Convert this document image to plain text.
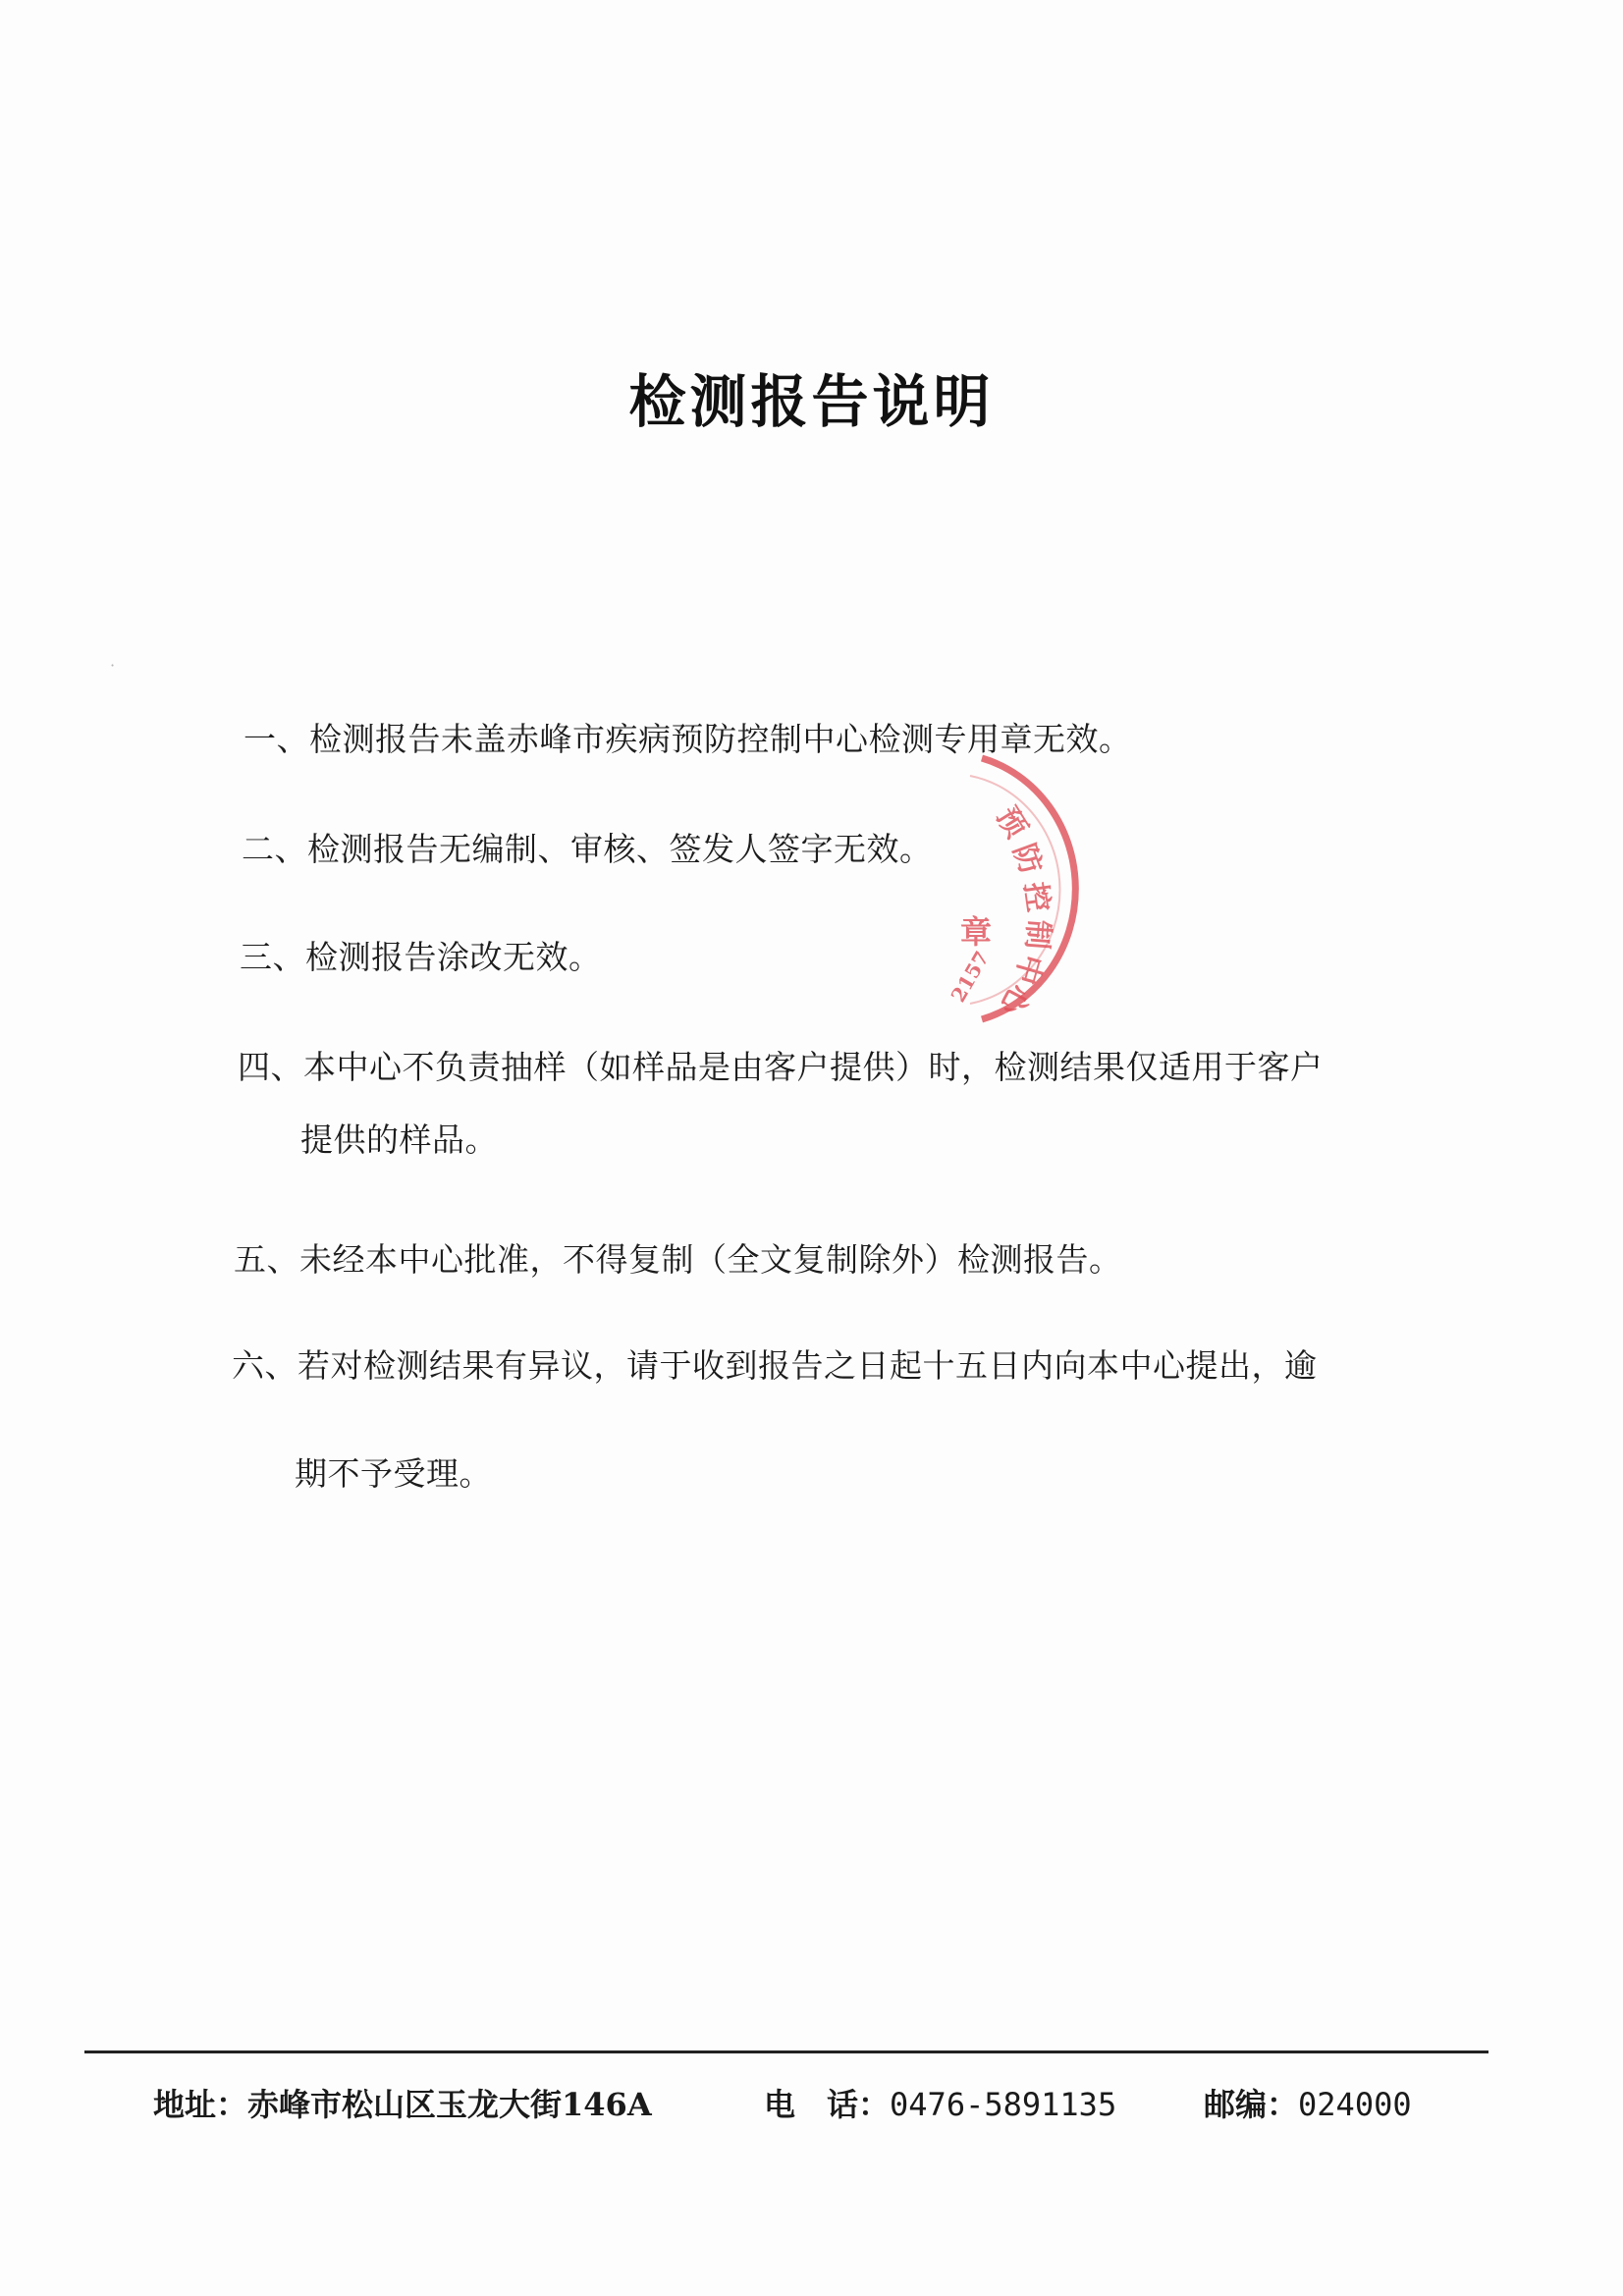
·
检测报告说明
一、检测报告未盖赤峰市疾病预防控制中心检测专用章无效。
二、检测报告无编制、审核、签发人签字无效。
三、检测报告涂改无效。
四、本中心不负责抽样（如样品是由客户提供）时，检测结果仅适用于客户
提供的样品。
五、未经本中心批准，不得复制（全文复制除外）检测报告。
六、若对检测结果有异议，请于收到报告之日起十五日内向本中心提出，逾
期不予受理。
预
防
控
制
中
心
章
2157
地址：赤峰市松山区玉龙大街146A	电　话：0476-5891135	邮编：024000
